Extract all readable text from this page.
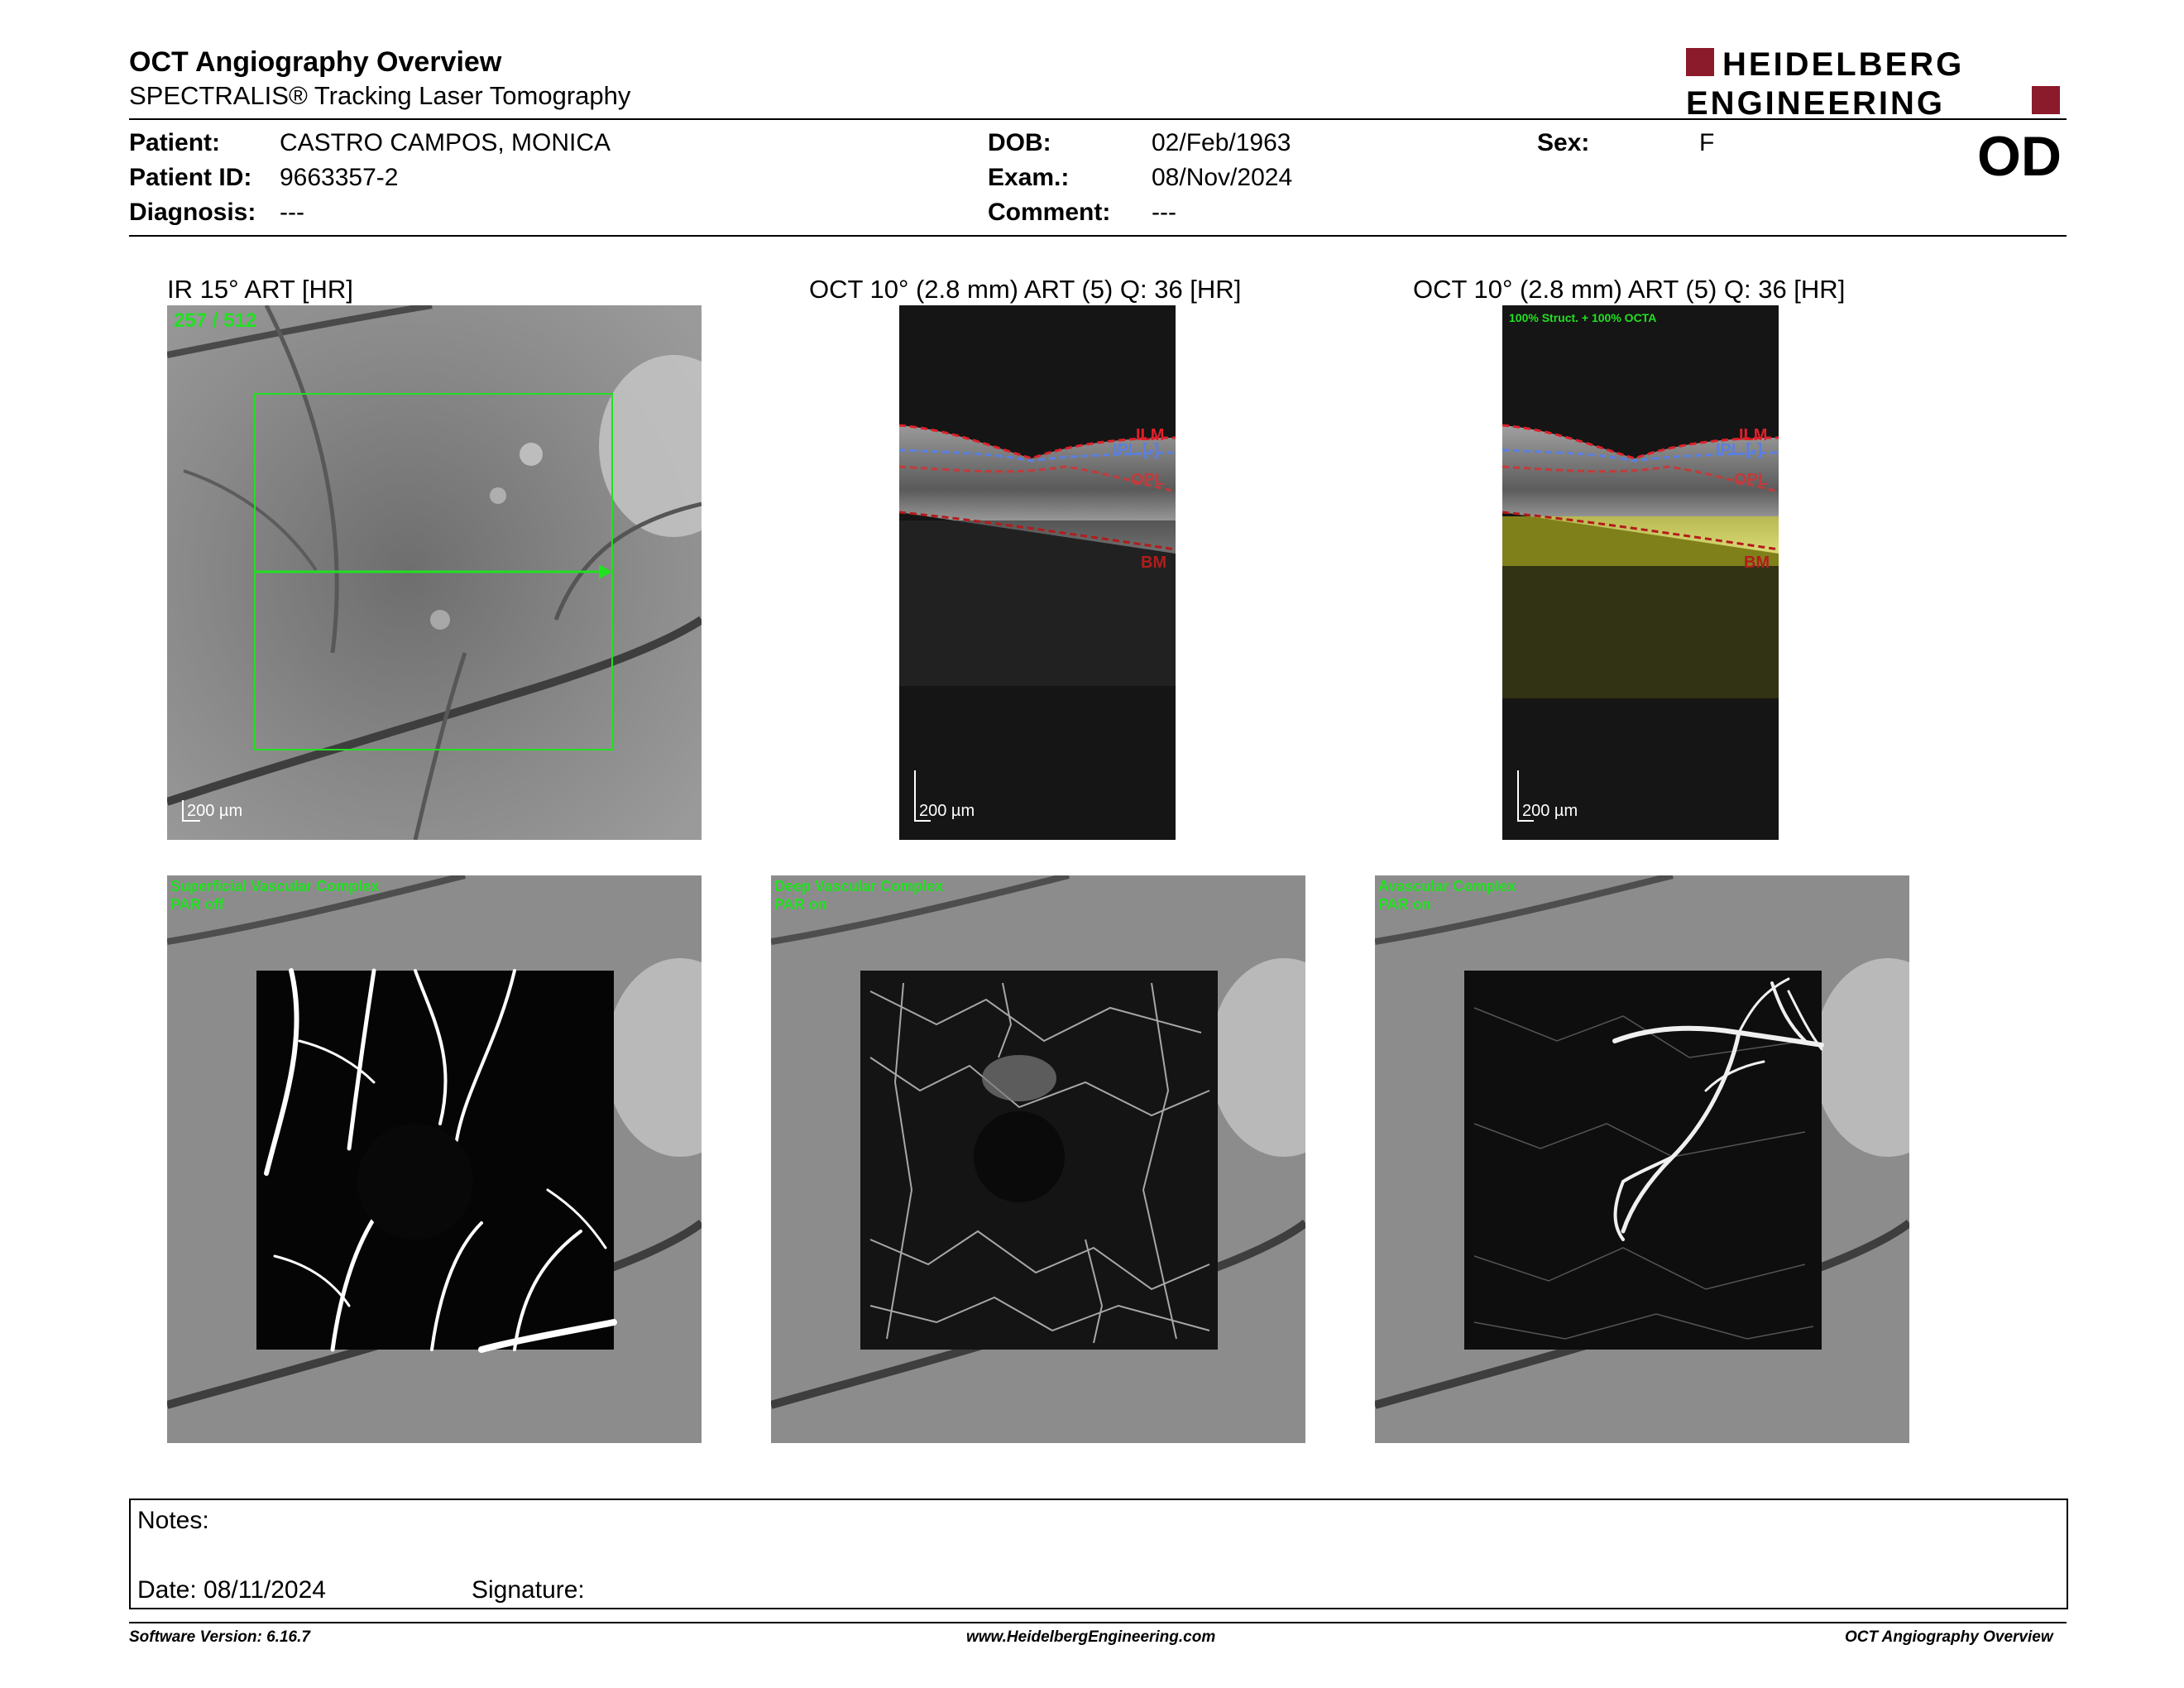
OCT Angiography Overview
SPECTRALIS® Tracking Laser Tomography
HEIDELBERG
ENGINEERING
Patient: CASTRO CAMPOS, MONICA
Patient ID: 9663357-2
Diagnosis: ---
DOB:	02/Feb/1963
Exam.:	08/Nov/2024
Comment: ---
Sex:	F	OD
IR 15° ART [HR]	OCT 10° (2.8 mm) ART (5) Q: 36 [HR]	OCT 10° (2.8 mm) ART (5) Q: 36 [HR]
257 / 512
200 µm
ILM
IPL [-]
OPL
BM
200 µm
100% Struct. + 100% OCTA
ILM
IPL [-]
OPL
BM
200 µm
Superficial Vascular Complex
PAR off
Deep Vascular Complex
PAR on
Avascular Complex
PAR on
Notes:
Date: 08/11/2024	Signature:
Software Version: 6.16.7	www.HeidelbergEngineering.com	OCT Angiography Overview
